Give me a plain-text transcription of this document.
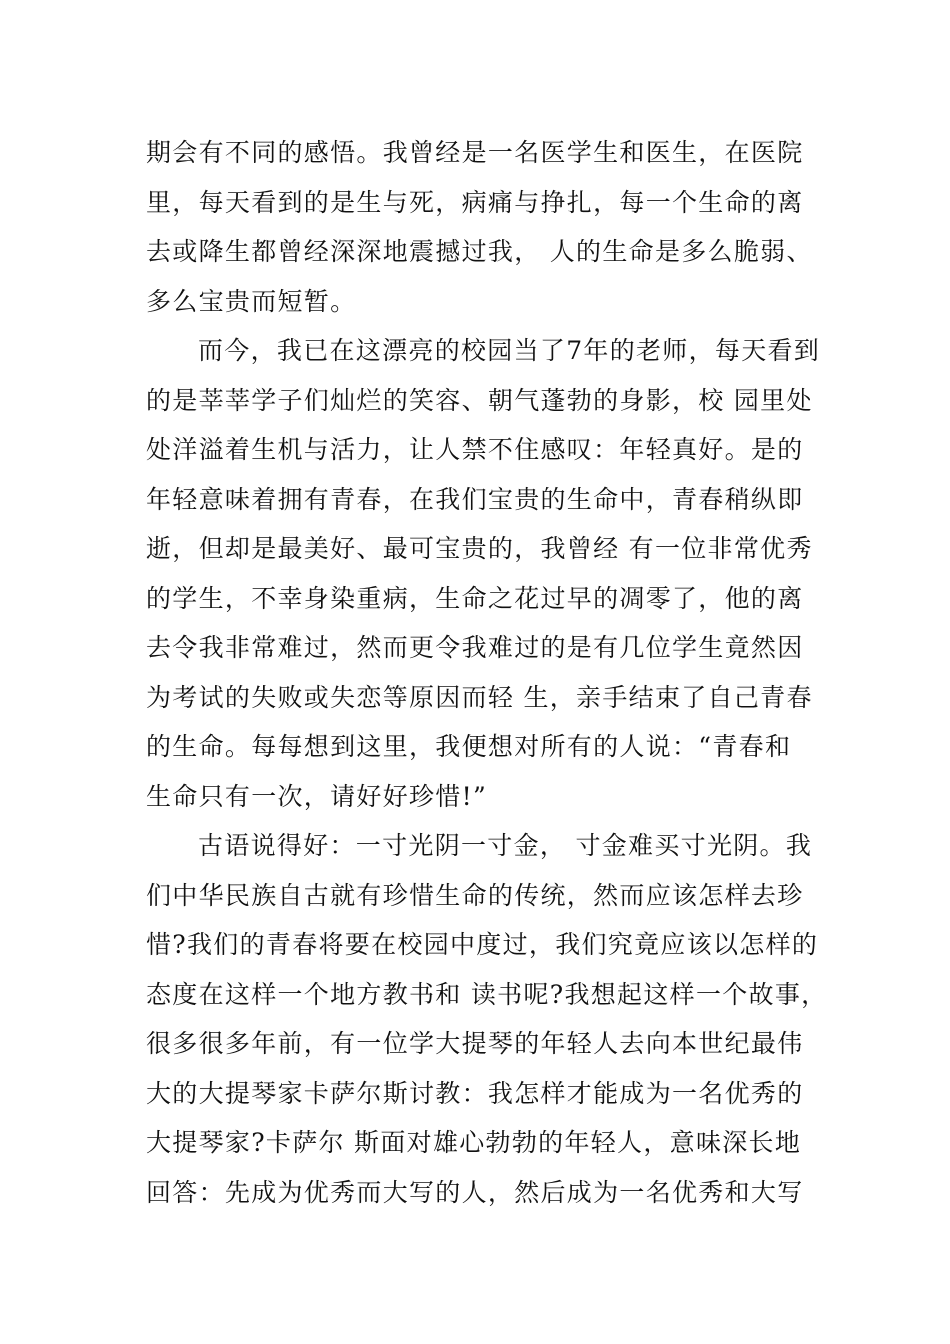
期会有不同的感悟。我曾经是一名医学生和医生，在医院
里，每天看到的是生与死，病痛与挣扎，每一个生命的离
去或降生都曾经深深地震撼过我， 人的生命是多么脆弱、
多么宝贵而短暂。
而今，我已在这漂亮的校园当了7年的老师，每天看到
的是莘莘学子们灿烂的笑容、朝气蓬勃的身影，校 园里处
处洋溢着生机与活力，让人禁不住感叹：年轻真好。是的
年轻意味着拥有青春，在我们宝贵的生命中，青春稍纵即
逝，但却是最美好、最可宝贵的，我曾经 有一位非常优秀
的学生，不幸身染重病，生命之花过早的凋零了，他的离
去令我非常难过，然而更令我难过的是有几位学生竟然因
为考试的失败或失恋等原因而轻 生，亲手结束了自己青春
的生命。每每想到这里，我便想对所有的人说：“青春和
生命只有一次，请好好珍惜!”
古语说得好：一寸光阴一寸金， 寸金难买寸光阴。我
们中华民族自古就有珍惜生命的传统，然而应该怎样去珍
惜?我们的青春将要在校园中度过，我们究竟应该以怎样的
态度在这样一个地方教书和 读书呢?我想起这样一个故事，
很多很多年前，有一位学大提琴的年轻人去向本世纪最伟
大的大提琴家卡萨尔斯讨教：我怎样才能成为一名优秀的
大提琴家?卡萨尔 斯面对雄心勃勃的年轻人，意味深长地
回答：先成为优秀而大写的人，然后成为一名优秀和大写
